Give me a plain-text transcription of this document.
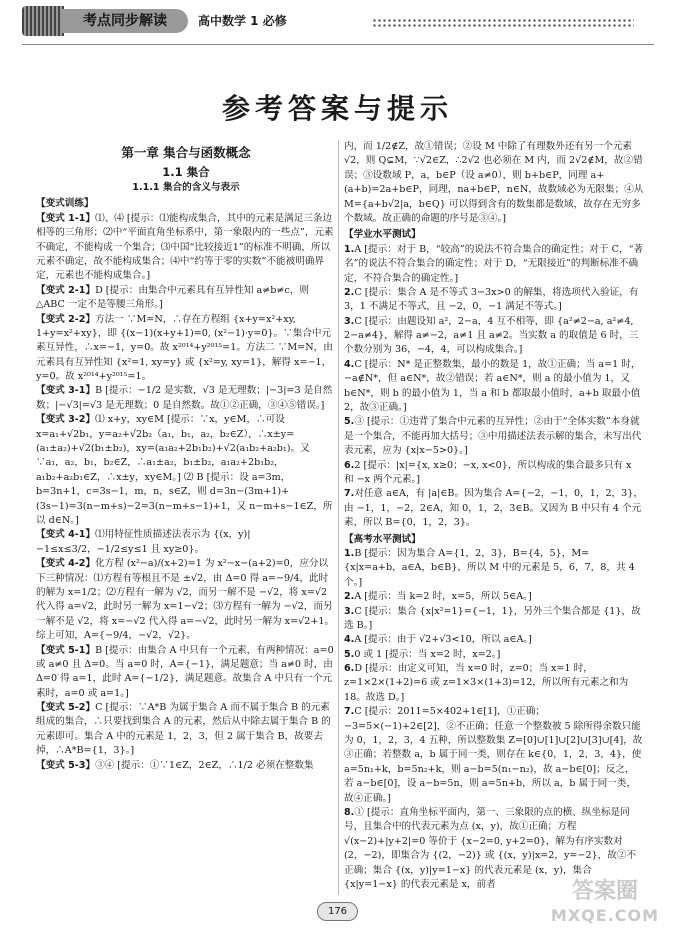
考点同步解读	高中数学 1 必修
参考答案与提示
第一章 集合与函数概念
1.1 集合
1.1.1 集合的含义与表示
【变式训练】

【变式 1-1】⑴、⑷ [提示：⑴能构成集合，其中的元素是满足三条边相等的三角形；⑵中“平面直角坐标系中，第一象限内的一些点”，元素不确定，不能构成一个集合；⑶中国“比较接近1”的标准不明确，所以元素不确定，故不能构成集合；⑷中“约等于零的实数”不能被明确界定，元素也不能构成集合。]

【变式 2-1】D [提示：由集合中元素具有互异性知 a≠b≠c，则 △ABC 一定不是等腰三角形。]

【变式 2-2】方法一 ∵M=N，∴存在方程组 {x+y=x²+xy, 1+y=x²+xy}，即 {(x−1)(x+y+1)=0, (x²−1)·y=0}。∵集合中元素互异性，∴x=−1，y=0。故 x²⁰¹⁴+y²⁰¹⁵=1。方法二 ∵M=N，由元素具有互异性知 {x²=1, xy=y} 或 {x²=y, xy=1}，解得 x=−1，y=0。故 x²⁰¹⁴+y²⁰¹⁵=1。

【变式 3-1】B [提示：−1/2 是实数，√3 是无理数；|−3|=3 是自然数；|−√3|=√3 是无理数；0 是自然数。故①②正确，③④⑤错误。]

【变式 3-2】⑴ x+y，xy∈M [提示：∵x，y∈M，∴可设 x=a₁+√2b₁，y=a₂+√2b₂（a₁，b₁，a₂，b₂∈Z），∴x±y=(a₁±a₂)+√2(b₁±b₂)，xy=(a₁a₂+2b₁b₂)+√2(a₁b₂+a₂b₁)。又∵a₁，a₂，b₁，b₂∈Z，∴a₁±a₂，b₁±b₂，a₁a₂+2b₁b₂，a₁b₂+a₂b₁∈Z，∴x±y，xy∈M。] ⑵ B [提示：设 a=3m，b=3n+1，c=3s−1，m，n，s∈Z，则 d=3n−(3m+1)+(3s−1)=3(n−m+s)−2=3(n−m+s−1)+1，又 n−m+s−1∈Z，所以 d∈N。]

【变式 4-1】⑴用特征性质描述法表示为 {(x，y)|−1≤x≤3/2，−1/2≤y≤1 且 xy≥0}。

【变式 4-2】化方程 (x²−a)/(x+2)=1 为 x²−x−(a+2)=0，应分以下三种情况：⑴方程有等根且不是 ±√2，由 Δ=0 得 a=−9/4，此时的解为 x=1/2；⑵方程有一解为 √2，而另一解不是 −√2，将 x=√2 代入得 a=√2，此时另一解为 x=1−√2；⑶方程有一解为 −√2，而另一解不是 √2，将 x=−√2 代入得 a=−√2，此时另一解为 x=√2+1。综上可知，A={−9/4，−√2，√2}。

【变式 5-1】B [提示：由集合 A 中只有一个元素，有两种情况：a=0 或 a≠0 且 Δ=0。当 a=0 时，A={−1}，满足题意；当 a≠0 时，由 Δ=0 得 a=1，此时 A={−1/2}，满足题意。故集合 A 中只有一个元素时，a=0 或 a=1。]

【变式 5-2】C [提示：∵A*B 为属于集合 A 而不属于集合 B 的元素组成的集合，∴只要找到集合 A 的元素，然后从中除去属于集合 B 的元素即可。集合 A 中的元素是 1，2，3，但 2 属于集合 B，故要去掉，∴A*B={1，3}。]

【变式 5-3】③④ [提示：①∵1∈Z，2∈Z，∴1/2 必须在整数集

内，而 1/2∉Z，故①错误；②设 M 中除了有理数外还有另一个元素 √2，则 Q⊊M，∵√2∈Z，∴2√2 也必须在 M 内，而 2√2∉M，故②错误；③设数域 P，a，b∈P（设 a≠0），则 b+b∈P，同理 a+(a+b)=2a+b∈P，同理，na+b∈P，n∈N，故数域必为无限集；④从 M={a+b√2|a，b∈Q} 可以得到含有的数集都是数域，故存在无穷多个数域。故正确的命题的序号是③④。]

【学业水平测试】

1.A [提示：对于 B，“较高”的说法不符合集合的确定性；对于 C，“著名”的说法不符合集合的确定性；对于 D，“无限接近”的判断标准不确定，不符合集合的确定性。]

2.C [提示：集合 A 是不等式 3−3x>0 的解集，将选项代入验证，有 3，1 不满足不等式，且 −2，0，−1 满足不等式。]

3.C [提示：由题设知 a²，2−a，4 互不相等，即 {a²≠2−a, a²≠4, 2−a≠4}，解得 a≠−2，a≠1 且 a≠2。当实数 a 的取值是 6 时，三个数分别为 36，−4，4，可以构成集合。]

4.C [提示：N* 是正整数集，最小的数是 1，故①正确；当 a=1 时，−a∉N*，但 a∈N*，故②错误；若 a∈N*，则 a 的最小值为 1，又 b∈N*，则 b 的最小值为 1，当 a 和 b 都取最小值时，a+b 取最小值 2，故③正确。]

5.③ [提示：①违背了集合中元素的互异性；②由于“全体实数”本身就是一个集合，不能再加大括号；③中用描述法表示解的集合，未写出代表元素，应为 {x|x−5>0}。]

6.2 [提示：|x|={x, x≥0；−x, x<0}，所以构成的集合最多只有 x 和 −x 两个元素。]

7.对任意 a∈A，有 |a|∈B。因为集合 A={−2，−1，0，1，2，3}，由 −1，1，−2，2∈A，知 0，1，2，3∈B。又因为 B 中只有 4 个元素，所以 B={0，1，2，3}。

【高考水平测试】

1.B [提示：因为集合 A={1，2，3}，B={4，5}，M={x|x=a+b，a∈A，b∈B}，所以 M 中的元素是 5，6，7，8，共 4 个。]

2.A [提示：当 k=2 时，x=5，所以 5∈A。]

3.C [提示：集合 {x|x²=1}={−1，1}，另外三个集合都是 {1}，故选 B。]

4.A [提示：由于 √2+√3<10，所以 a∈A。]

5.0 或 1 [提示：当 x=2 时，x=2。]

6.D [提示：由定义可知，当 x=0 时，z=0；当 x=1 时，z=1×2×(1+2)=6 或 z=1×3×(1+3)=12，所以所有元素之和为 18。故选 D。]

7.C [提示：2011=5×402+1∈[1]，①正确；−3=5×(−1)+2∈[2]，②不正确；任意一个整数被 5 除所得余数只能为 0，1，2，3，4 五种，所以整数集 Z=[0]∪[1]∪[2]∪[3]∪[4]，故③正确；若整数 a，b 属于同一类，则存在 k∈{0，1，2，3，4}，使 a=5n₁+k，b=5n₂+k，则 a−b=5(n₁−n₂)，故 a−b∈[0]；反之，若 a−b∈[0]，设 a−b=5n，则 a=5n+b，所以 a，b 属于同一类，故④正确。]

8.① [提示：直角坐标平面内，第一、三象限的点的横、纵坐标是同号，且集合中的代表元素为点 (x，y)，故①正确；方程 √(x−2)+|y+2|=0 等价于 {x−2=0, y+2=0}，解为有序实数对 (2，−2)，即集合为 {(2，−2)} 或 {(x，y)|x=2，y=−2}，故②不正确；集合 {(x，y)|y=1−x} 的代表元素是 (x，y)，集合 {x|y=1−x} 的代表元素是 x，前者

176
答案圈
MXQE.COM
